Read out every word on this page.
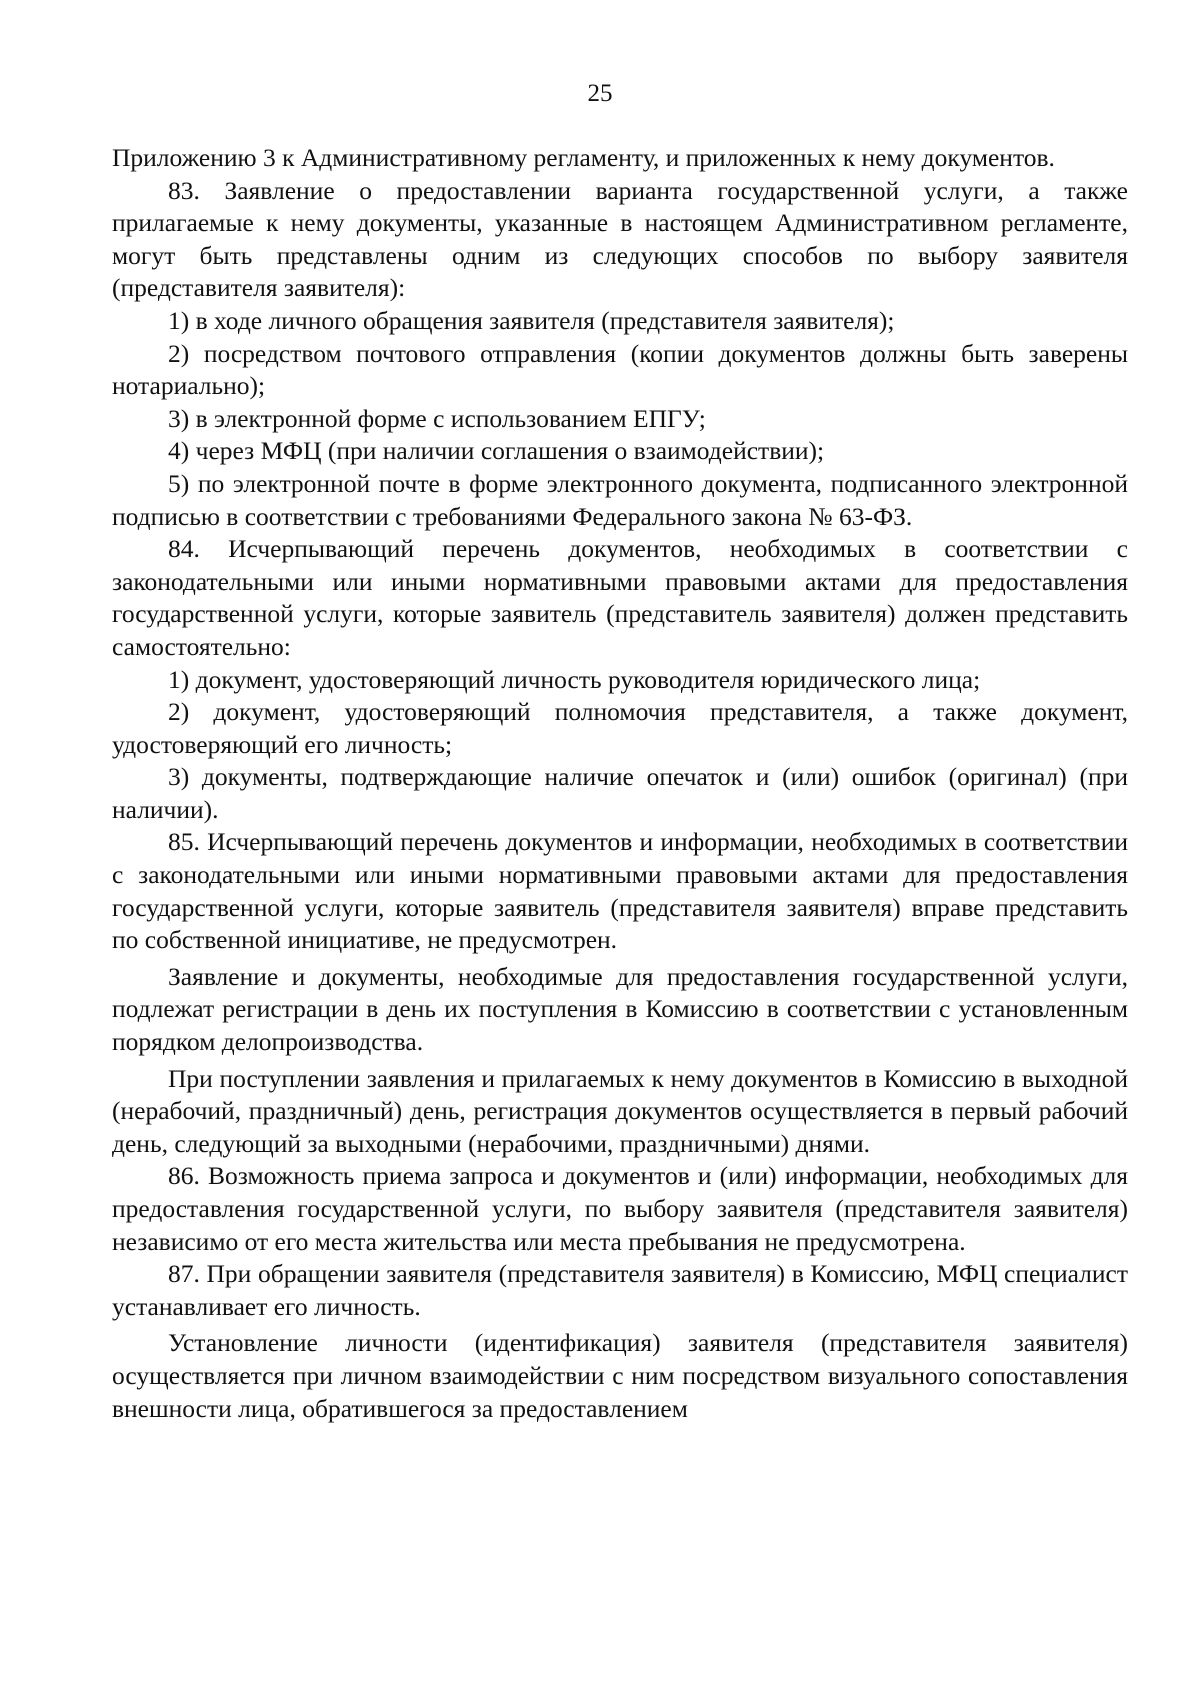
25

Приложению 3 к Административному регламенту, и приложенных к нему документов.

83. Заявление о предоставлении варианта государственной услуги, а также прилагаемые к нему документы, указанные в настоящем Административном регламенте, могут быть представлены одним из следующих способов по выбору заявителя (представителя заявителя):

1) в ходе личного обращения заявителя (представителя заявителя);

2) посредством почтового отправления (копии документов должны быть заверены нотариально);

3) в электронной форме с использованием ЕПГУ;

4) через МФЦ (при наличии соглашения о взаимодействии);

5) по электронной почте в форме электронного документа, подписанного электронной подписью в соответствии с требованиями Федерального закона № 63-ФЗ.

84. Исчерпывающий перечень документов, необходимых в соответствии с законодательными или иными нормативными правовыми актами для предоставления государственной услуги, которые заявитель (представитель заявителя) должен представить самостоятельно:

1) документ, удостоверяющий личность руководителя юридического лица;

2) документ, удостоверяющий полномочия представителя, а также документ, удостоверяющий его личность;

3) документы, подтверждающие наличие опечаток и (или) ошибок (оригинал) (при наличии).

85. Исчерпывающий перечень документов и информации, необходимых в соответствии с законодательными или иными нормативными правовыми актами для предоставления государственной услуги, которые заявитель (представителя заявителя) вправе представить по собственной инициативе, не предусмотрен.

Заявление и документы, необходимые для предоставления государственной услуги, подлежат регистрации в день их поступления в Комиссию в соответствии с установленным порядком делопроизводства.

При поступлении заявления и прилагаемых к нему документов в Комиссию в выходной (нерабочий, праздничный) день, регистрация документов осуществляется в первый рабочий день, следующий за выходными (нерабочими, праздничными) днями.

86. Возможность приема запроса и документов и (или) информации, необходимых для предоставления государственной услуги, по выбору заявителя (представителя заявителя) независимо от его места жительства или места пребывания не предусмотрена.

87. При обращении заявителя (представителя заявителя) в Комиссию, МФЦ специалист устанавливает его личность.

Установление личности (идентификация) заявителя (представителя заявителя) осуществляется при личном взаимодействии с ним посредством визуального сопоставления внешности лица, обратившегося за предоставлением
